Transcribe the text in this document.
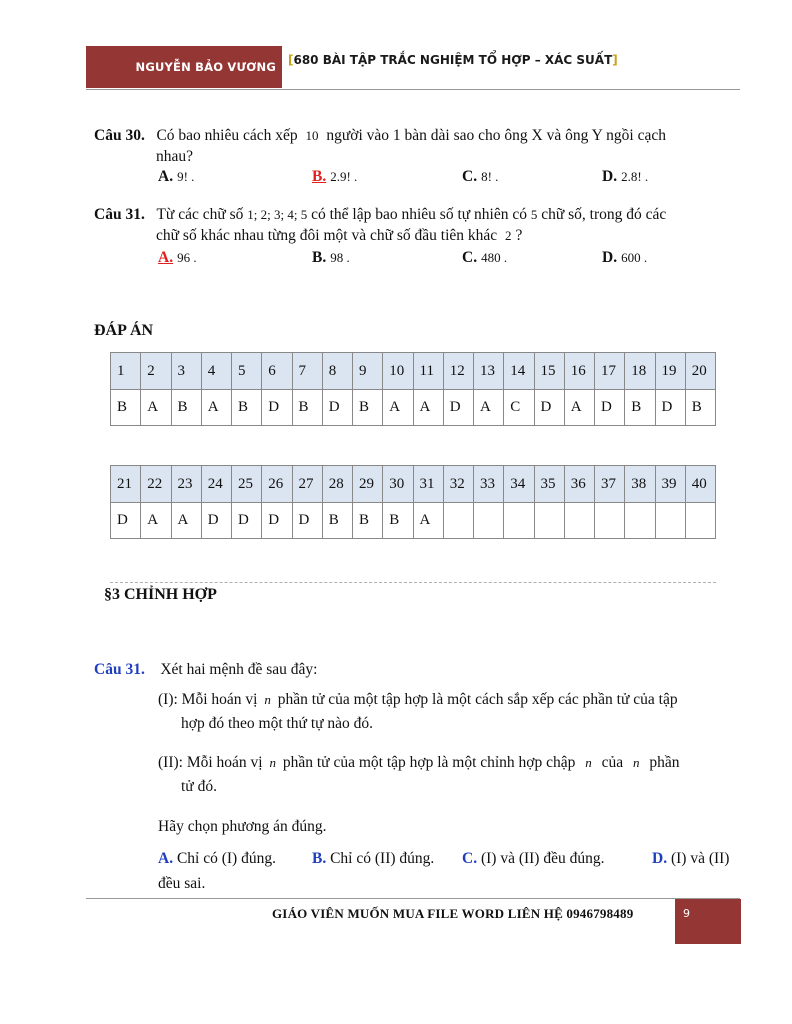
NGUYỄN BẢO VƯƠNG [680 BÀI TẬP TRẮC NGHIỆM TỔ HỢP – XÁC SUẤT]
Câu 30. Có bao nhiêu cách xếp 10 người vào 1 bàn dài sao cho ông X và ông Y ngồi cạch
nhau?
A. 9! .	B. 2.9! .	C. 8! .	D. 2.8! .
Câu 31. Từ các chữ số 1; 2; 3; 4; 5 có thể lập bao nhiêu số tự nhiên có 5 chữ số, trong đó các
chữ số khác nhau từng đôi một và chữ số đầu tiên khác 2 ?
A. 96 .	B. 98 .	C. 480 .	D. 600 .
ĐÁP ÁN
1	2	3	4	5	6	7	8	9	10	11	12	13	14	15	16	17	18	19	20
B	A	B	A	B	D	B	D	B	A	A	D	A	C	D	A	D	B	D	B
21	22	23	24	25	26	27	28	29	30	31	32	33	34	35	36	37	38	39	40
D	A	A	D	D	D	D	B	B	B	A									
§3 CHỈNH HỢP
Câu 31. Xét hai mệnh đề sau đây:
(I): Mỗi hoán vị n phần tử của một tập hợp là một cách sắp xếp các phần tử của tập
hợp đó theo một thứ tự nào đó.
(II): Mỗi hoán vị n phần tử của một tập hợp là một chỉnh hợp chập n của n phần
tử đó.
Hãy chọn phương án đúng.
A. Chỉ có (I) đúng. B. Chỉ có (II) đúng. C. (I) và (II) đều đúng.	D. (I) và (II)
đều sai.
GIÁO VIÊN MUỐN MUA FILE WORD LIÊN HỆ 0946798489	9
